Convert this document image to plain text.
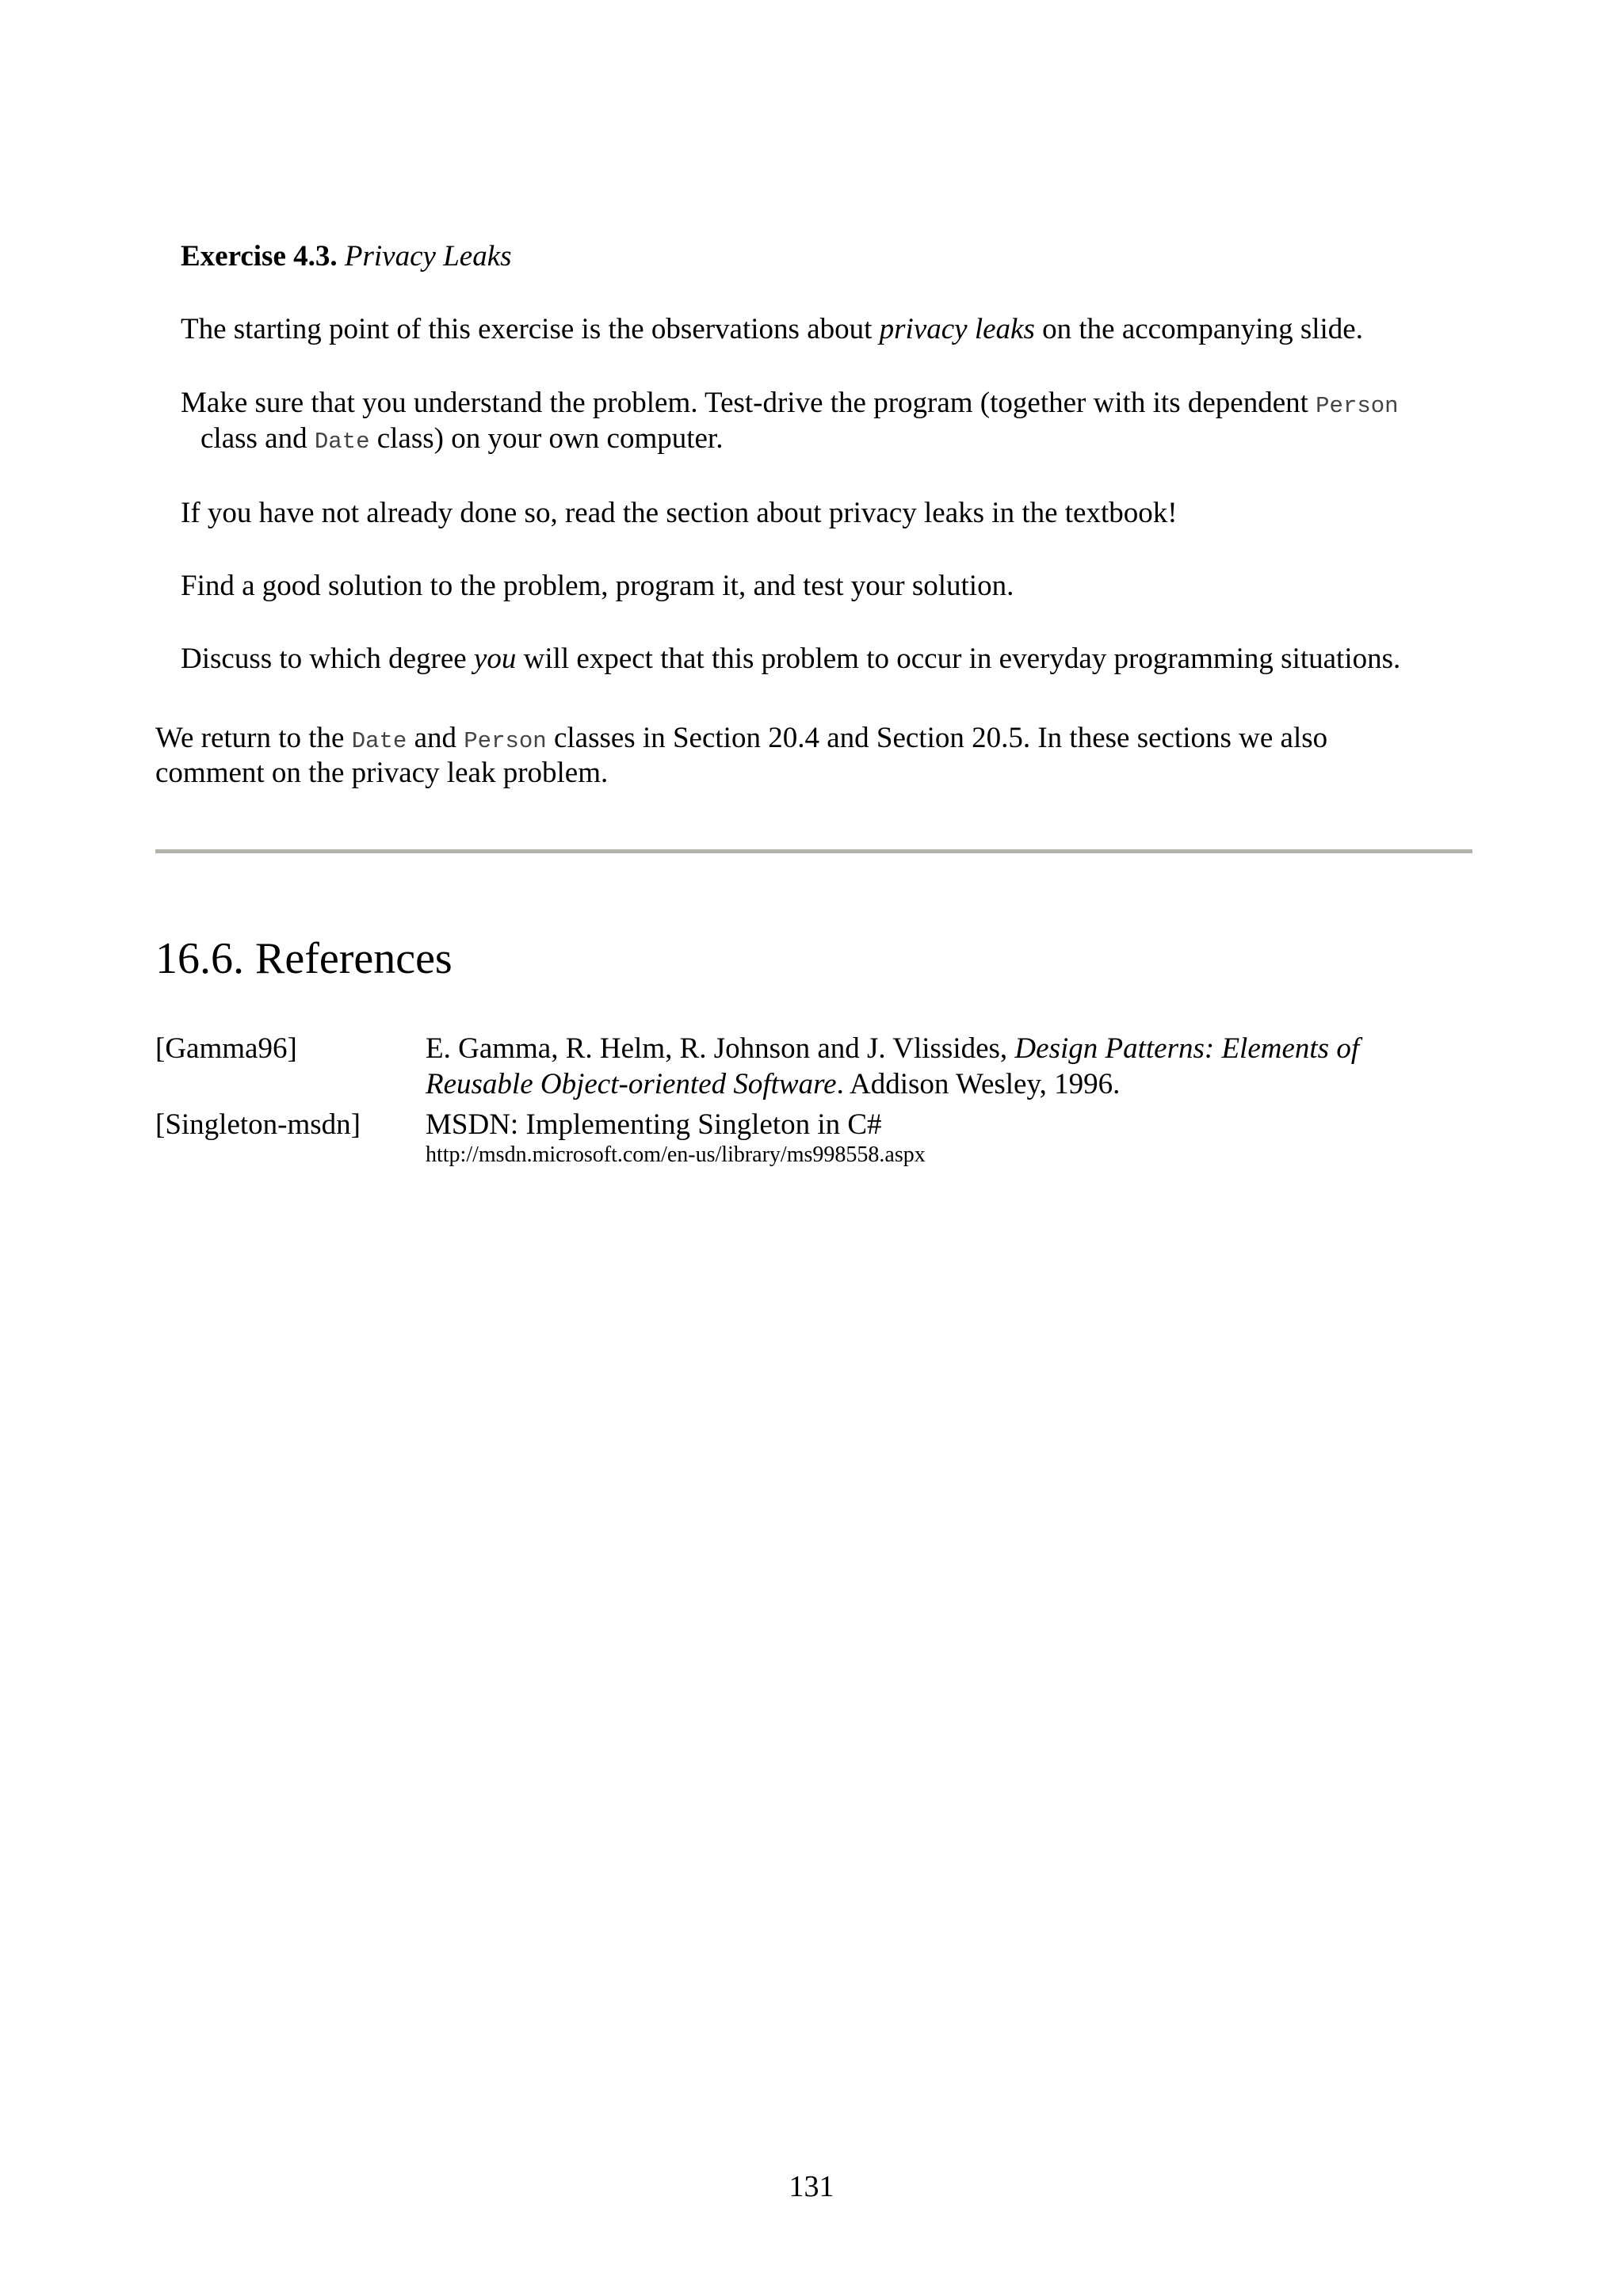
Exercise 4.3. Privacy Leaks

The starting point of this exercise is the observations about privacy leaks on the accompanying slide.

Make sure that you understand the problem. Test-drive the program (together with its dependent Person

class and Date class) on your own computer.

If you have not already done so, read the section about privacy leaks in the textbook!

Find a good solution to the problem, program it, and test your solution.

Discuss to which degree you will expect that this problem to occur in everyday programming situations.

We return to the Date and Person classes in Section 20.4 and Section 20.5. In these sections we also

comment on the privacy leak problem.

16.6. References
[Gamma96]	E. Gamma, R. Helm, R. Johnson and J. Vlissides, Design Patterns: Elements of
Reusable Object-oriented Software. Addison Wesley, 1996.
[Singleton-msdn] MSDN: Implementing Singleton in C#
http://msdn.microsoft.com/en-us/library/ms998558.aspx
131
